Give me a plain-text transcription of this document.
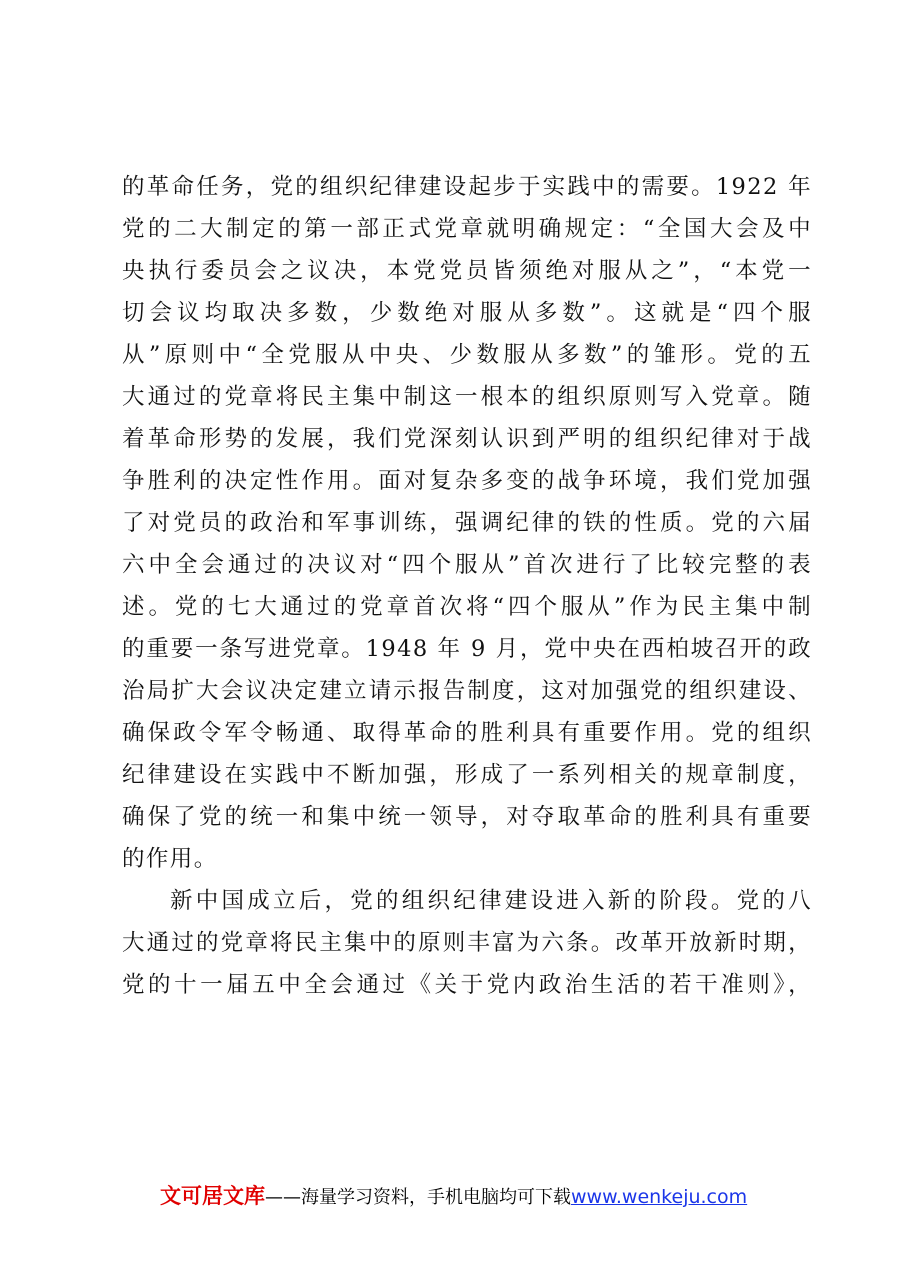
的革命任务，党的组织纪律建设起步于实践中的需要。1922 年
党的二大制定的第一部正式党章就明确规定：“全国大会及中
央执行委员会之议决，本党党员皆须绝对服从之”，“本党一
切会议均取决多数，少数绝对服从多数”。这就是“四个服
从”原则中“全党服从中央、少数服从多数”的雏形。党的五
大通过的党章将民主集中制这一根本的组织原则写入党章。随
着革命形势的发展，我们党深刻认识到严明的组织纪律对于战
争胜利的决定性作用。面对复杂多变的战争环境，我们党加强
了对党员的政治和军事训练，强调纪律的铁的性质。党的六届
六中全会通过的决议对“四个服从”首次进行了比较完整的表
述。党的七大通过的党章首次将“四个服从”作为民主集中制
的重要一条写进党章。1948 年 9 月，党中央在西柏坡召开的政
治局扩大会议决定建立请示报告制度，这对加强党的组织建设、
确保政令军令畅通、取得革命的胜利具有重要作用。党的组织
纪律建设在实践中不断加强，形成了一系列相关的规章制度，
确保了党的统一和集中统一领导，对夺取革命的胜利具有重要
的作用。
新中国成立后，党的组织纪律建设进入新的阶段。党的八
大通过的党章将民主集中的原则丰富为六条。改革开放新时期，
党的十一届五中全会通过《关于党内政治生活的若干准则》，
文可居文库——海量学习资料，手机电脑均可下载www.wenkeju.com
